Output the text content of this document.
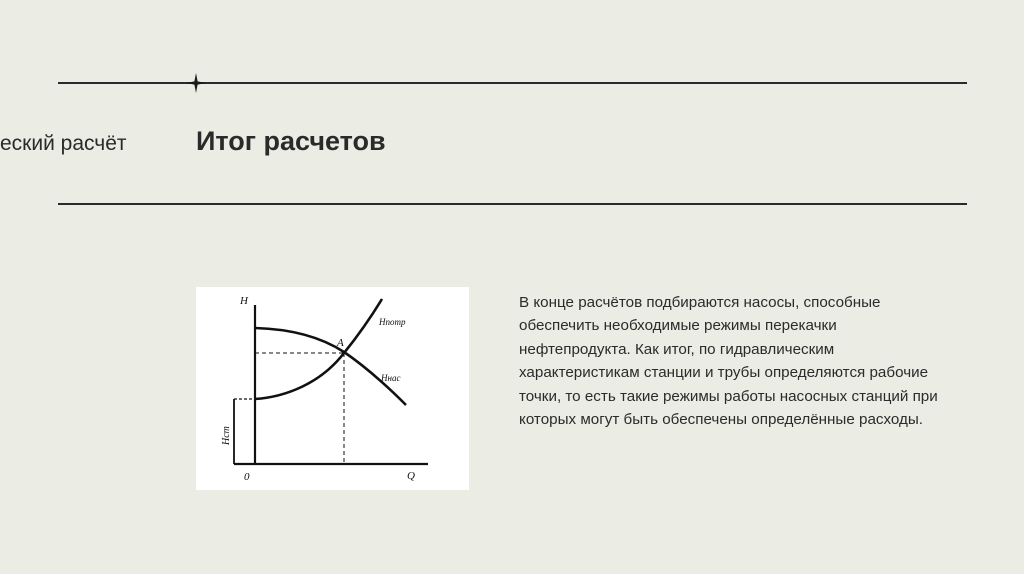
еский расчёт	Итог расчетов
H
Q
0
A
Hпотр
Hнас
Hст
В конце расчётов подбираются насосы, способные обеспечить необходимые режимы перекачки нефтепродукта. Как итог, по гидравлическим характеристикам станции и трубы определяются рабочие точки, то есть такие режимы работы насосных станций при которых могут быть обеспечены определённые расходы.
